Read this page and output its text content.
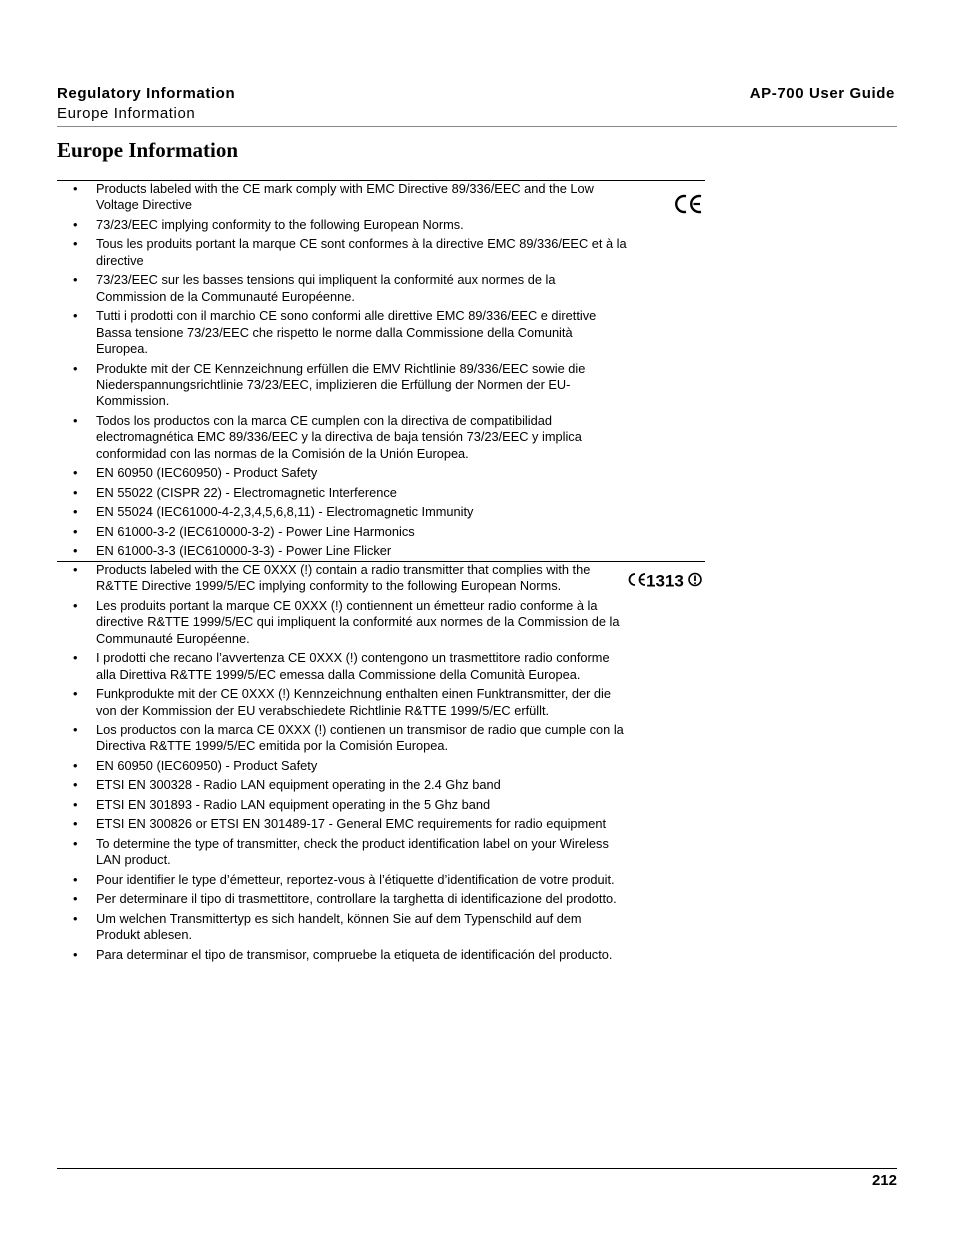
Regulatory Information
Europe Information
AP-700 User Guide
Europe Information
• Products labeled with the CE mark comply with EMC Directive 89/336/EEC and the Low Voltage Directive
• 73/23/EEC implying conformity to the following European Norms.
• Tous les produits portant la marque CE sont conformes à la directive EMC 89/336/EEC et à la directive
• 73/23/EEC sur les basses tensions qui impliquent la conformité aux normes de la Commission de la Communauté Européenne.
• Tutti i prodotti con il marchio CE sono conformi alle direttive EMC 89/336/EEC e direttive Bassa tensione 73/23/EEC che rispetto le norme dalla Commissione della Comunità Europea.
• Produkte mit der CE Kennzeichnung erfüllen die EMV Richtlinie 89/336/EEC sowie die Niederspannungsrichtlinie 73/23/EEC, implizieren die Erfüllung der Normen der EU-Kommission.
• Todos los productos con la marca CE cumplen con la directiva de compatibilidad electromagnética EMC 89/336/EEC y la directiva de baja tensión 73/23/EEC y implica conformidad con las normas de la Comisión de la Unión Europea.
• EN 60950 (IEC60950) - Product Safety
• EN 55022 (CISPR 22) - Electromagnetic Interference
• EN 55024 (IEC61000-4-2,3,4,5,6,8,11) - Electromagnetic Immunity
• EN 61000-3-2 (IEC610000-3-2) - Power Line Harmonics
• EN 61000-3-3 (IEC610000-3-3) - Power Line Flicker
• Products labeled with the CE 0XXX (!) contain a radio transmitter that complies with the R&TTE Directive 1999/5/EC implying conformity to the following European Norms.
• Les produits portant la marque CE 0XXX (!) contiennent un émetteur radio conforme à la directive R&TTE 1999/5/EC qui impliquent la conformité aux normes de la Commission de la Communauté Européenne.
• I prodotti che recano l’avvertenza CE 0XXX (!) contengono un trasmettitore radio conforme alla Direttiva R&TTE 1999/5/EC emessa dalla Commissione della Comunità Europea.
• Funkprodukte mit der CE 0XXX (!) Kennzeichnung enthalten einen Funktransmitter, der die von der Kommission der EU verabschiedete Richtlinie R&TTE 1999/5/EC erfüllt.
• Los productos con la marca CE 0XXX (!) contienen un transmisor de radio que cumple con la Directiva R&TTE 1999/5/EC emitida por la Comisión Europea.
• EN 60950 (IEC60950) - Product Safety
• ETSI EN 300328 - Radio LAN equipment operating in the 2.4 Ghz band
• ETSI EN 301893 - Radio LAN equipment operating in the 5 Ghz band
• ETSI EN 300826 or ETSI EN 301489-17 - General EMC requirements for radio equipment
• To determine the type of transmitter, check the product identification label on your Wireless LAN product.
• Pour identifier le type d’émetteur, reportez-vous à l’étiquette d’identification de votre produit.
• Per determinare il tipo di trasmettitore, controllare la targhetta di identificazione del prodotto.
• Um welchen Transmittertyp es sich handelt, können Sie auf dem Typenschild auf dem Produkt ablesen.
• Para determinar el tipo de transmisor, compruebe la etiqueta de identificación del producto.
1313
212
